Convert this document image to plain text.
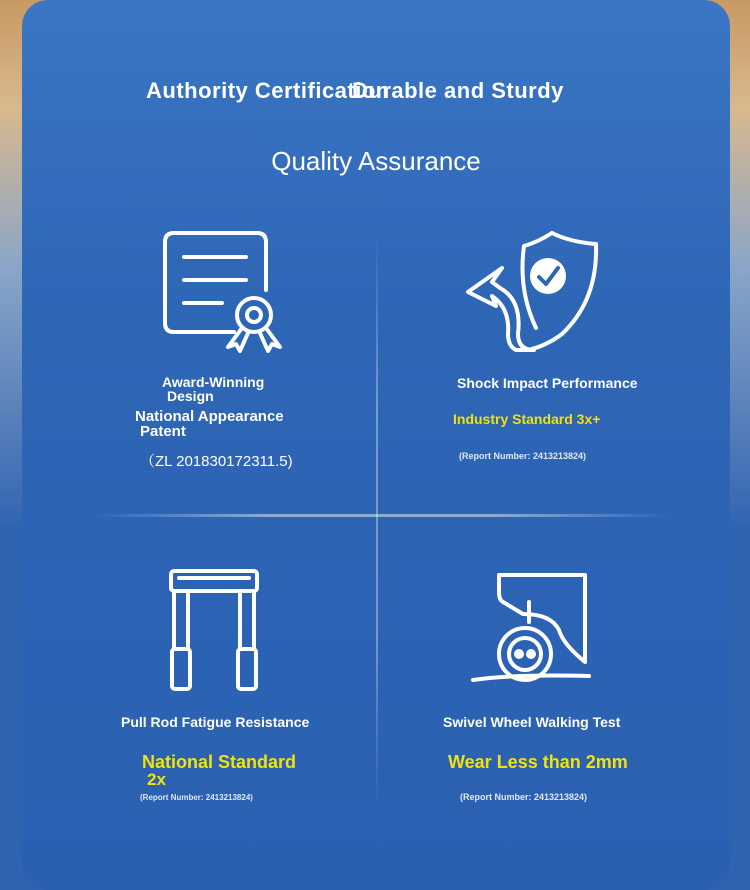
Authority Certification
Durable and Sturdy
Quality Assurance
Award-Winning
Design
National Appearance
Patent
（ZL 201830172311.5)
Shock Impact Performance
Industry Standard 3x+
(Report Number: 2413213824)
Pull Rod Fatigue Resistance
National Standard
2x
(Report Number: 2413213824)
Swivel Wheel Walking Test
Wear Less than 2mm
(Report Number: 2413213824)
